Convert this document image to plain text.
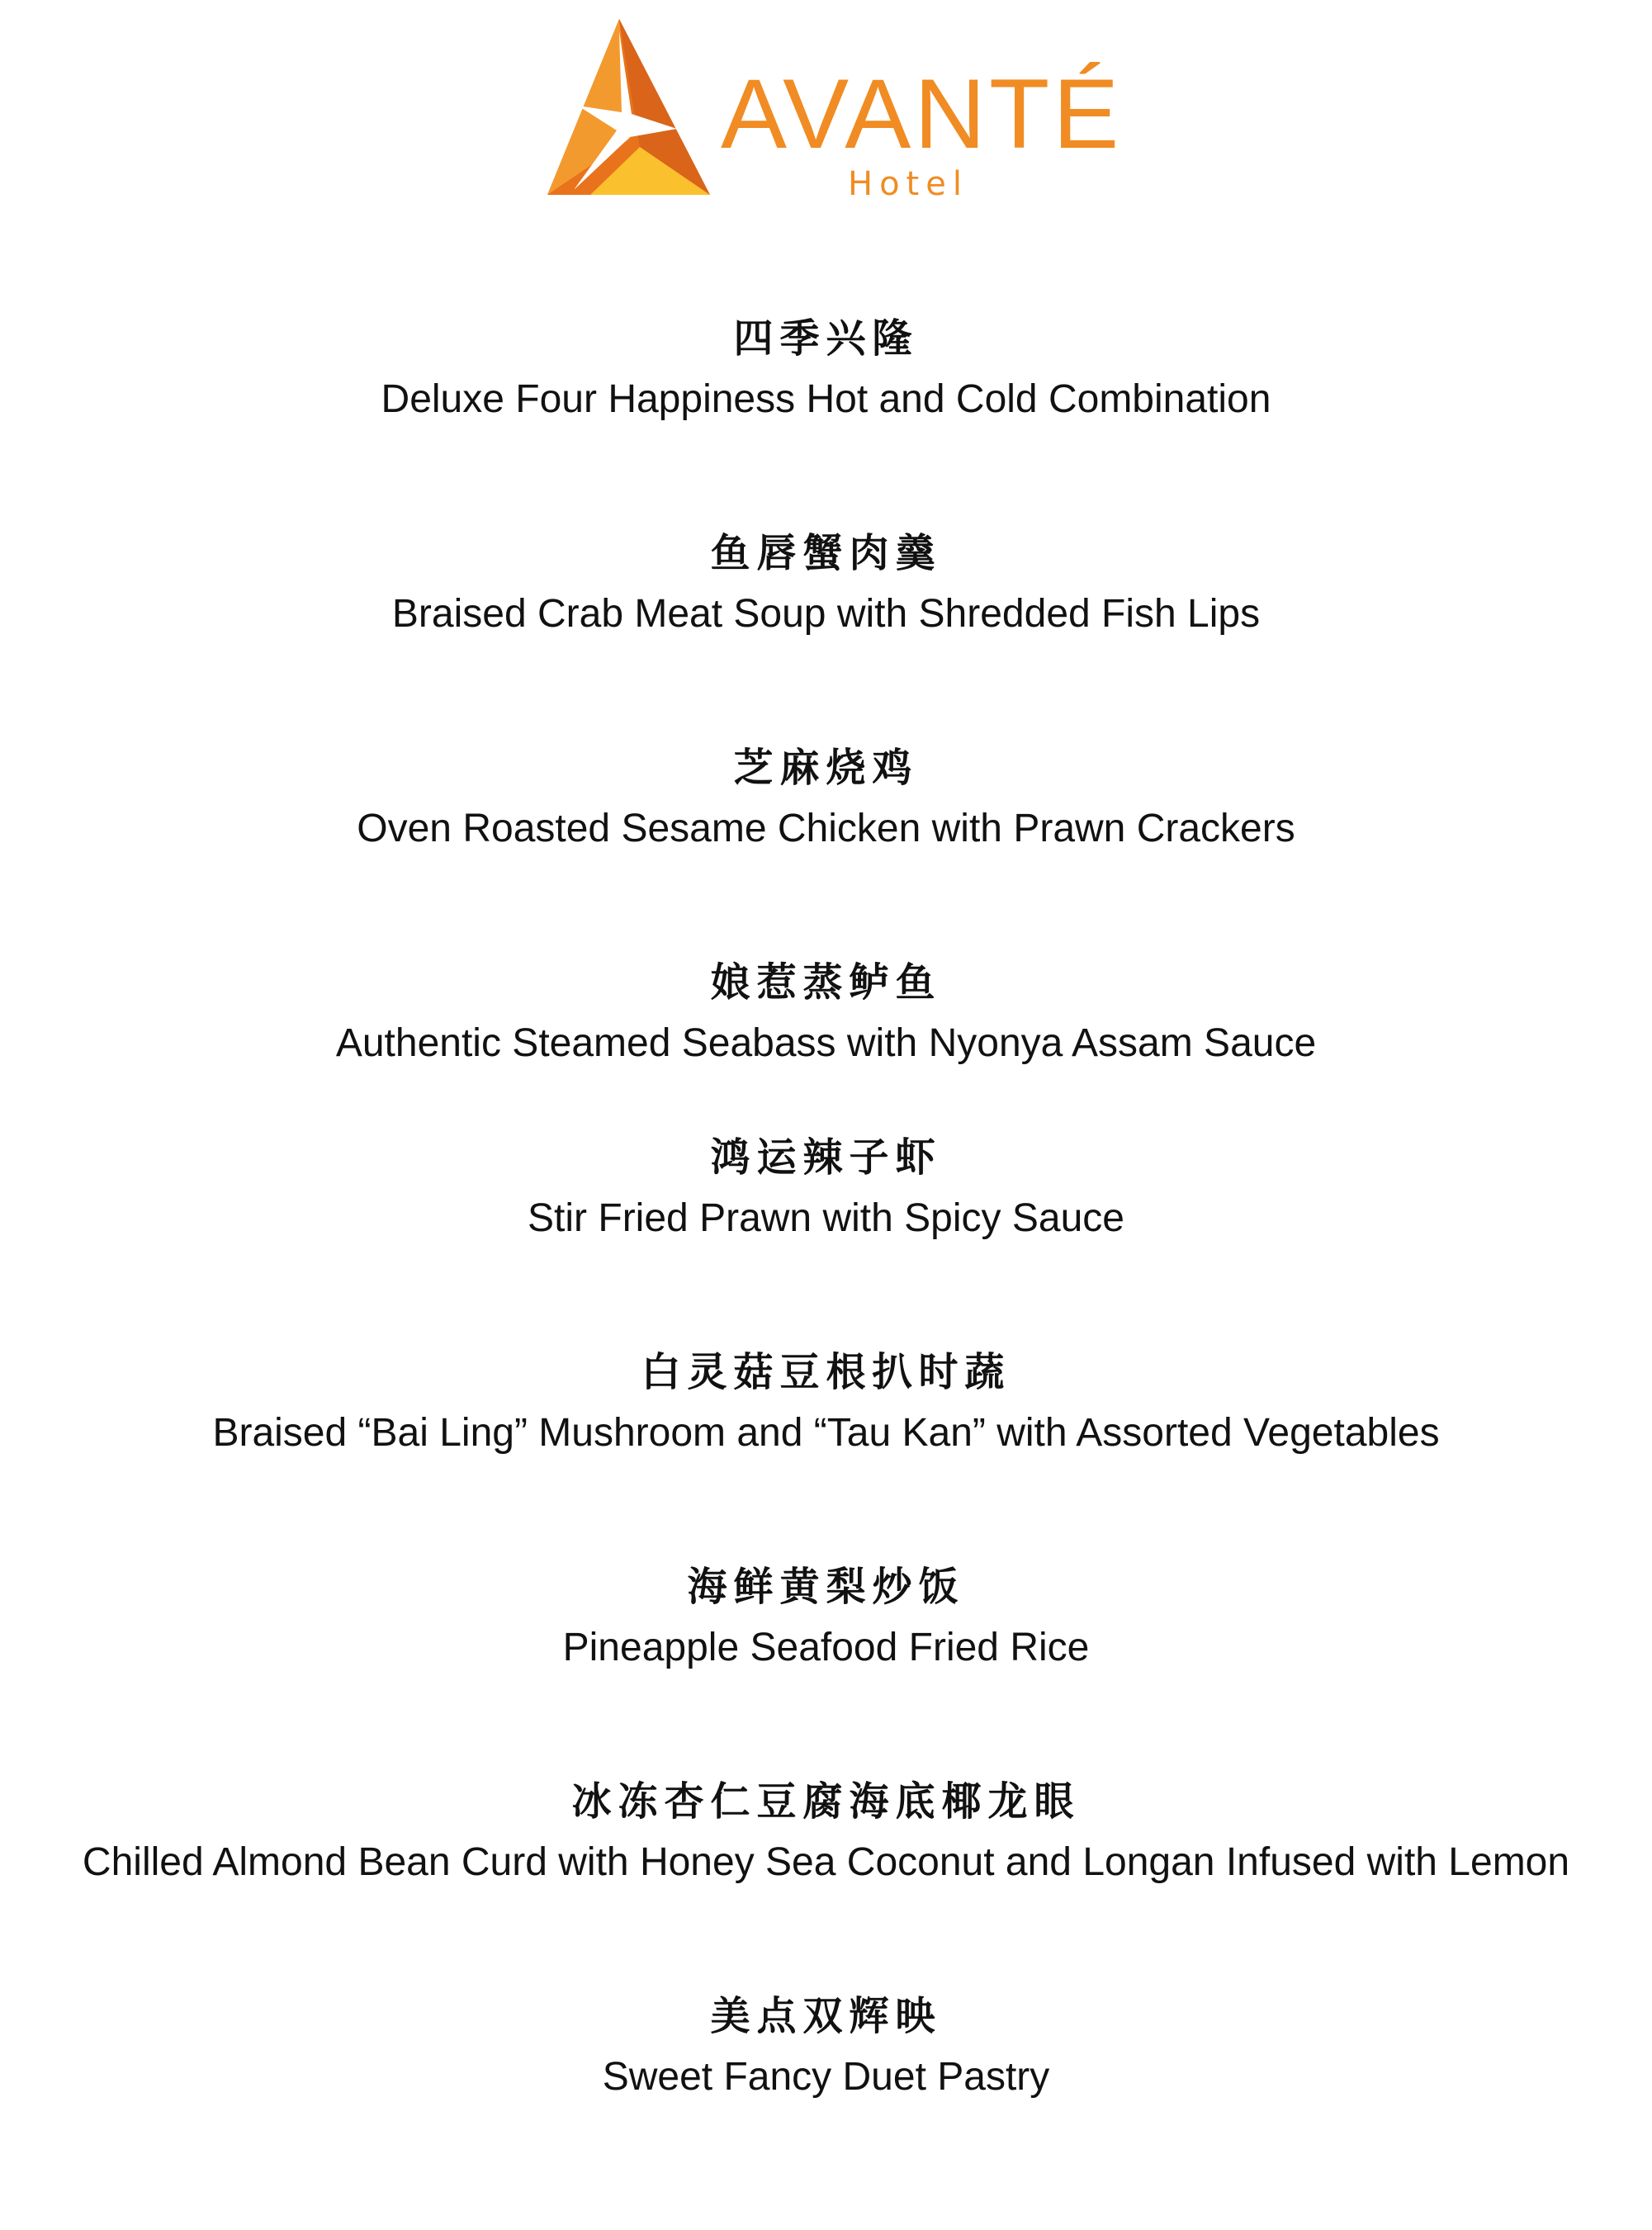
AVANTÉ
Hotel
四季兴隆
Deluxe Four Happiness Hot and Cold Combination
鱼唇蟹肉羹
Braised Crab Meat Soup with Shredded Fish Lips
芝麻烧鸡
Oven Roasted Sesame Chicken with Prawn Crackers
娘惹蒸鲈鱼
Authentic Steamed Seabass with Nyonya Assam Sauce
鸿运辣子虾
Stir Fried Prawn with Spicy Sauce
白灵菇豆根扒时蔬
Braised “Bai Ling” Mushroom and “Tau Kan” with Assorted Vegetables
海鲜黄梨炒饭
Pineapple Seafood Fried Rice
冰冻杏仁豆腐海底椰龙眼
Chilled Almond Bean Curd with Honey Sea Coconut and Longan Infused with Lemon
美点双辉映
Sweet Fancy Duet Pastry
